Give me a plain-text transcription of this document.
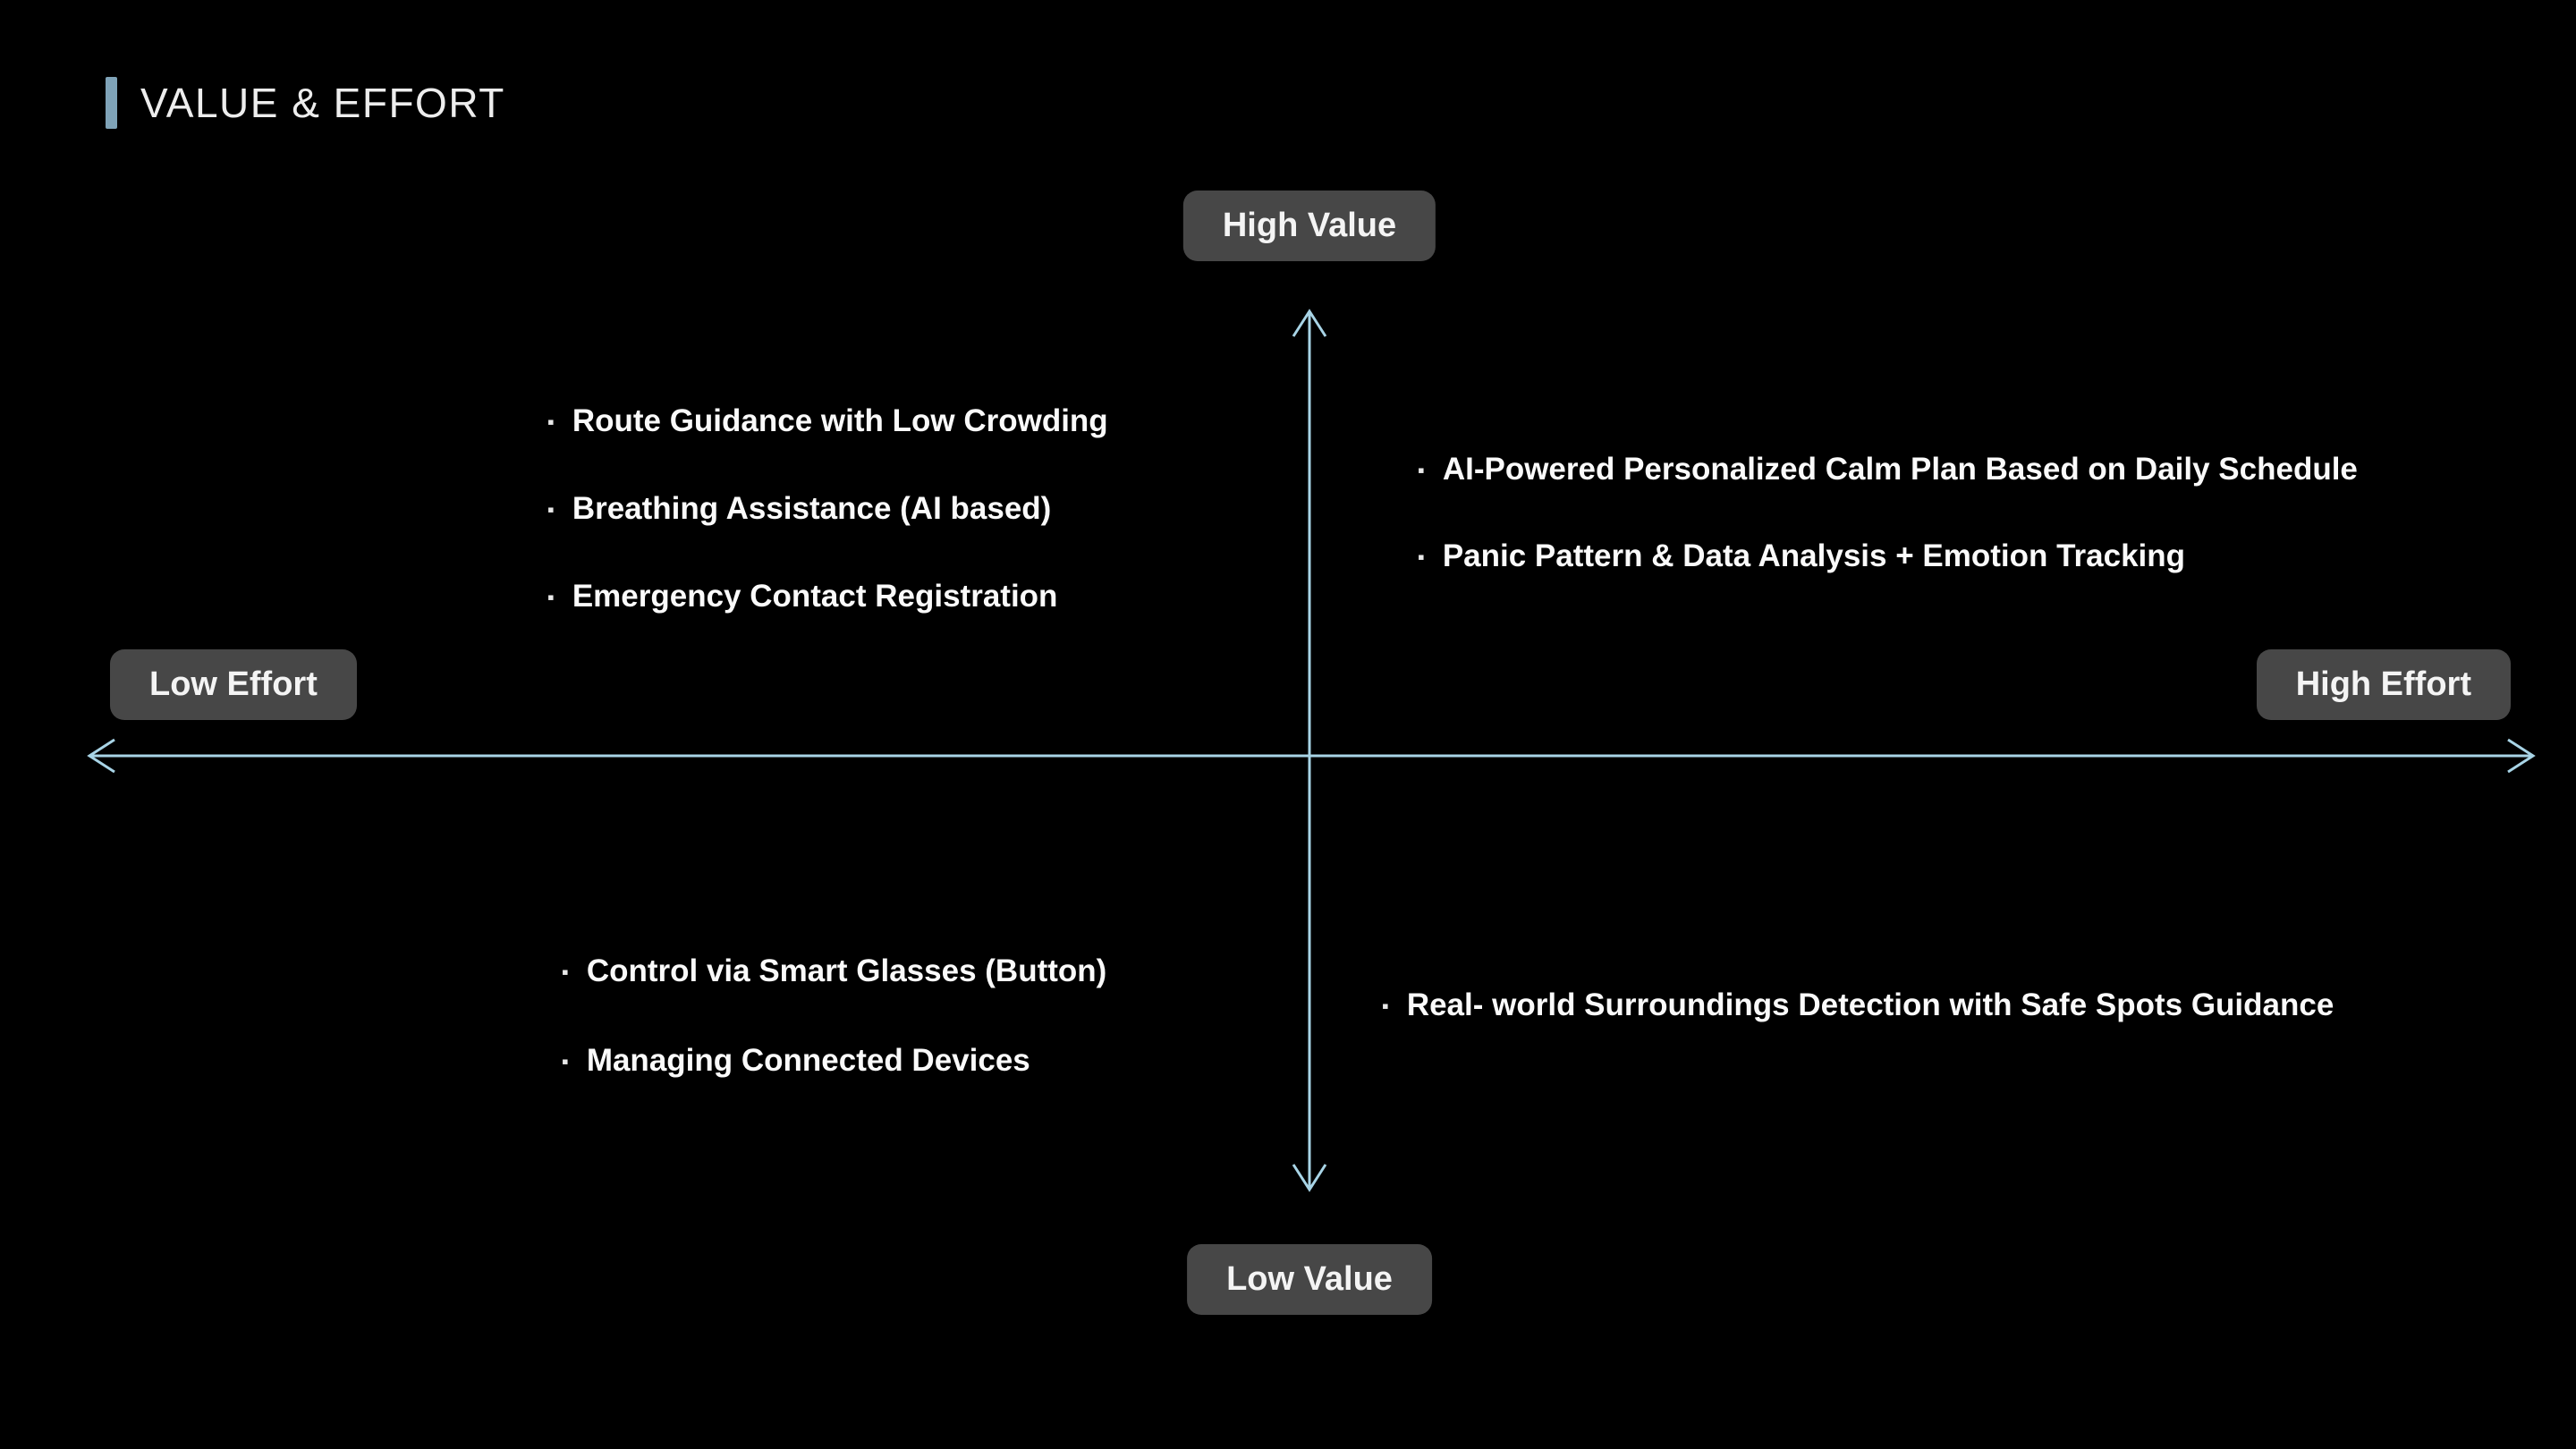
VALUE & EFFORT
High Value
Low Value
Low Effort	High Effort
▪ Route Guidance with Low Crowding
▪ Breathing Assistance (AI based)
▪ Emergency Contact Registration
▪ AI-Powered Personalized Calm Plan Based on Daily Schedule
▪ Panic Pattern & Data Analysis + Emotion Tracking
▪ Control via Smart Glasses (Button)
▪ Managing Connected Devices
▪ Real- world Surroundings Detection with Safe Spots Guidance
